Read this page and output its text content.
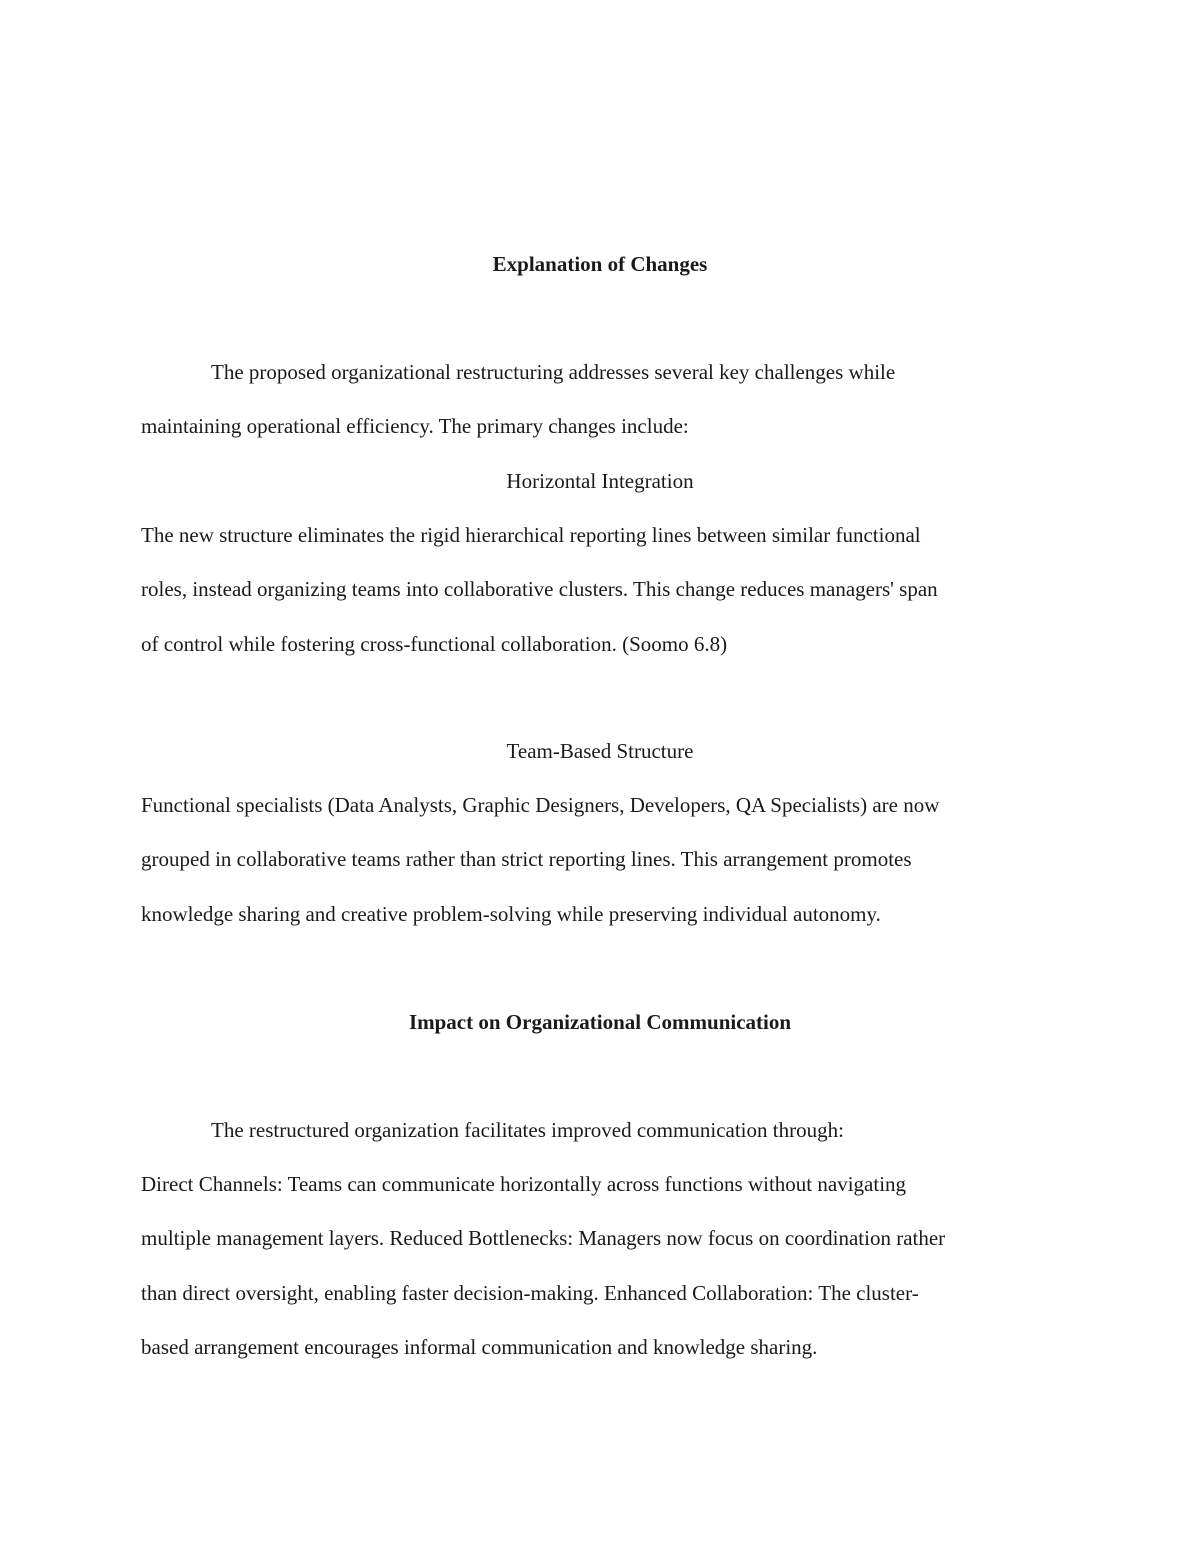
Explanation of Changes
The proposed organizational restructuring addresses several key challenges while
maintaining operational efficiency. The primary changes include:
Horizontal Integration
The new structure eliminates the rigid hierarchical reporting lines between similar functional
roles, instead organizing teams into collaborative clusters. This change reduces managers' span
of control while fostering cross-functional collaboration. (Soomo 6.8)
Team-Based Structure
Functional specialists (Data Analysts, Graphic Designers, Developers, QA Specialists) are now
grouped in collaborative teams rather than strict reporting lines. This arrangement promotes
knowledge sharing and creative problem-solving while preserving individual autonomy.
Impact on Organizational Communication
The restructured organization facilitates improved communication through:
Direct Channels: Teams can communicate horizontally across functions without navigating
multiple management layers. Reduced Bottlenecks: Managers now focus on coordination rather
than direct oversight, enabling faster decision-making. Enhanced Collaboration: The cluster-
based arrangement encourages informal communication and knowledge sharing.
